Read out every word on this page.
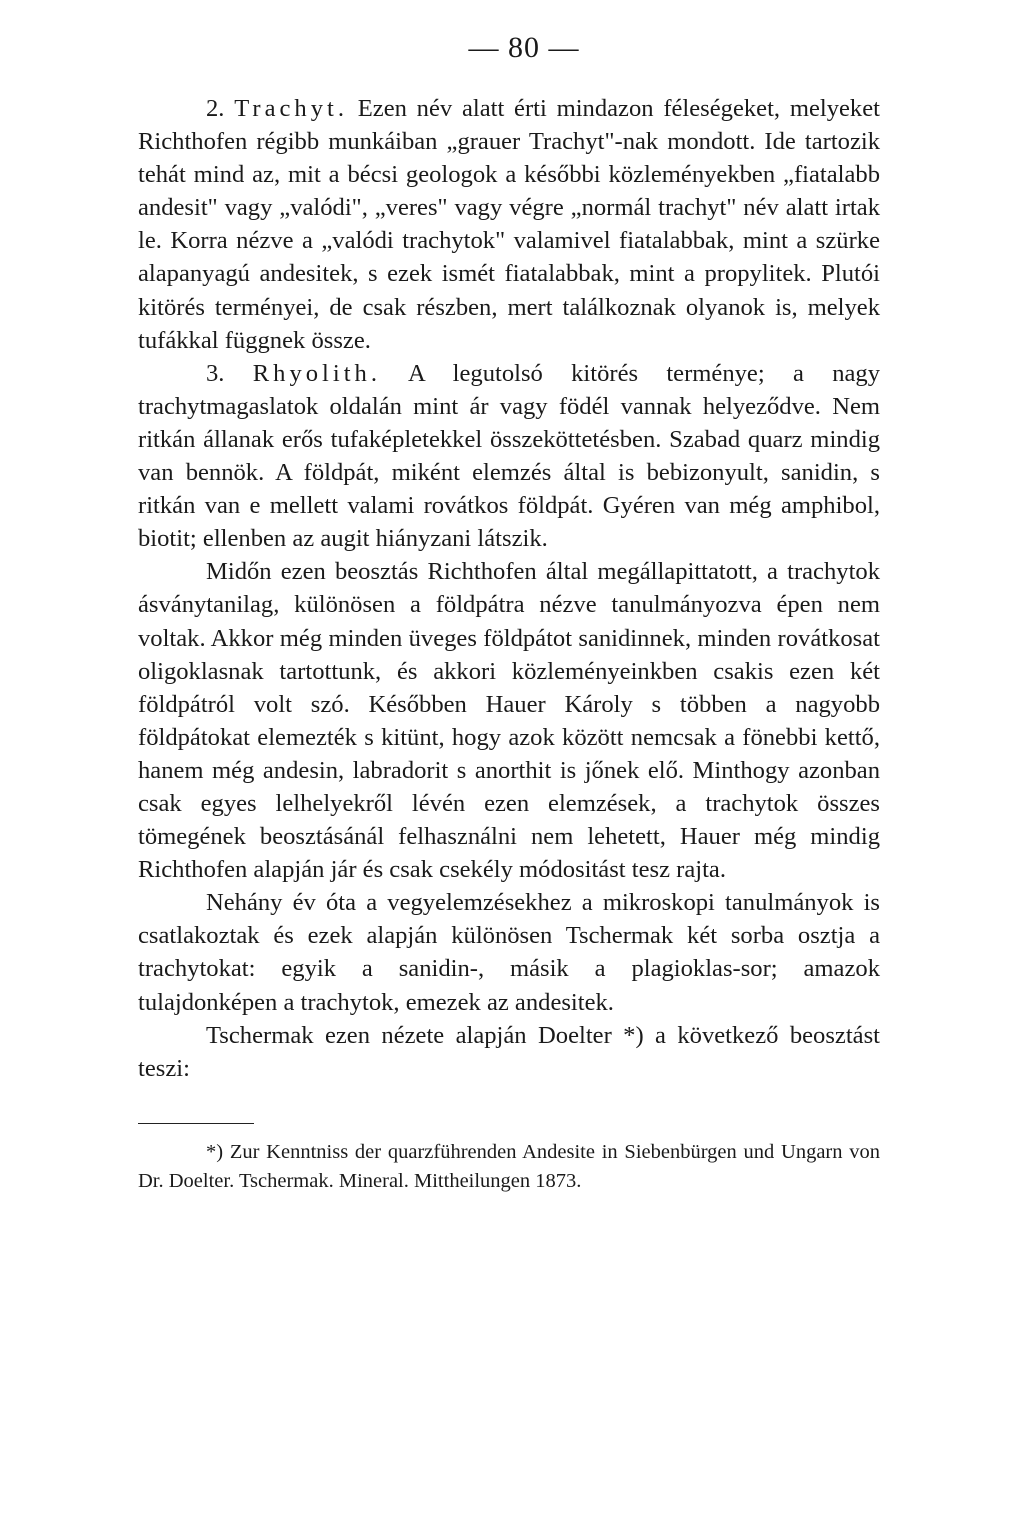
— 80 —

2. Trachyt. Ezen név alatt érti mindazon féleségeket, melyeket Richthofen régibb munkáiban „grauer Trachyt"-nak mondott. Ide tartozik tehát mind az, mit a bécsi geologok a későbbi közleményekben „fiatalabb andesit" vagy „valódi", „veres" vagy végre „normál trachyt" név alatt irtak le. Korra nézve a „valódi trachytok" valamivel fiatalabbak, mint a szürke alapanyagú andesitek, s ezek ismét fiatalabbak, mint a propylitek. Plutói kitörés terményei, de csak részben, mert találkoznak olyanok is, melyek tufákkal függnek össze.

3. Rhyolith. A legutolsó kitörés terménye; a nagy trachytmagaslatok oldalán mint ár vagy födél vannak helyeződve. Nem ritkán állanak erős tufaképletekkel összeköttetésben. Szabad quarz mindig van bennök. A földpát, miként elemzés által is bebizonyult, sanidin, s ritkán van e mellett valami rovátkos földpát. Gyéren van még amphibol, biotit; ellenben az augit hiányzani látszik.

Midőn ezen beosztás Richthofen által megállapittatott, a trachytok ásványtanilag, különösen a földpátra nézve tanulmányozva épen nem voltak. Akkor még minden üveges földpátot sanidinnek, minden rovátkosat oligoklasnak tartottunk, és akkori közleményeinkben csakis ezen két földpátról volt szó. Későbben Hauer Károly s többen a nagyobb földpátokat elemezték s kitünt, hogy azok között nemcsak a fönebbi kettő, hanem még andesin, labradorit s anorthit is jőnek elő. Minthogy azonban csak egyes lelhelyekről lévén ezen elemzések, a trachytok összes tömegének beosztásánál felhasználni nem lehetett, Hauer még mindig Richthofen alapján jár és csak csekély módositást tesz rajta.

Nehány év óta a vegyelemzésekhez a mikroskopi tanulmányok is csatlakoztak és ezek alapján különösen Tschermak két sorba osztja a trachytokat: egyik a sanidin-, másik a plagioklas-sor; amazok tulajdonképen a trachytok, emezek az andesitek.

Tschermak ezen nézete alapján Doelter *) a következő beosztást teszi:

*) Zur Kenntniss der quarzführenden Andesite in Siebenbürgen und Ungarn von Dr. Doelter. Tschermak. Mineral. Mittheilungen 1873.
